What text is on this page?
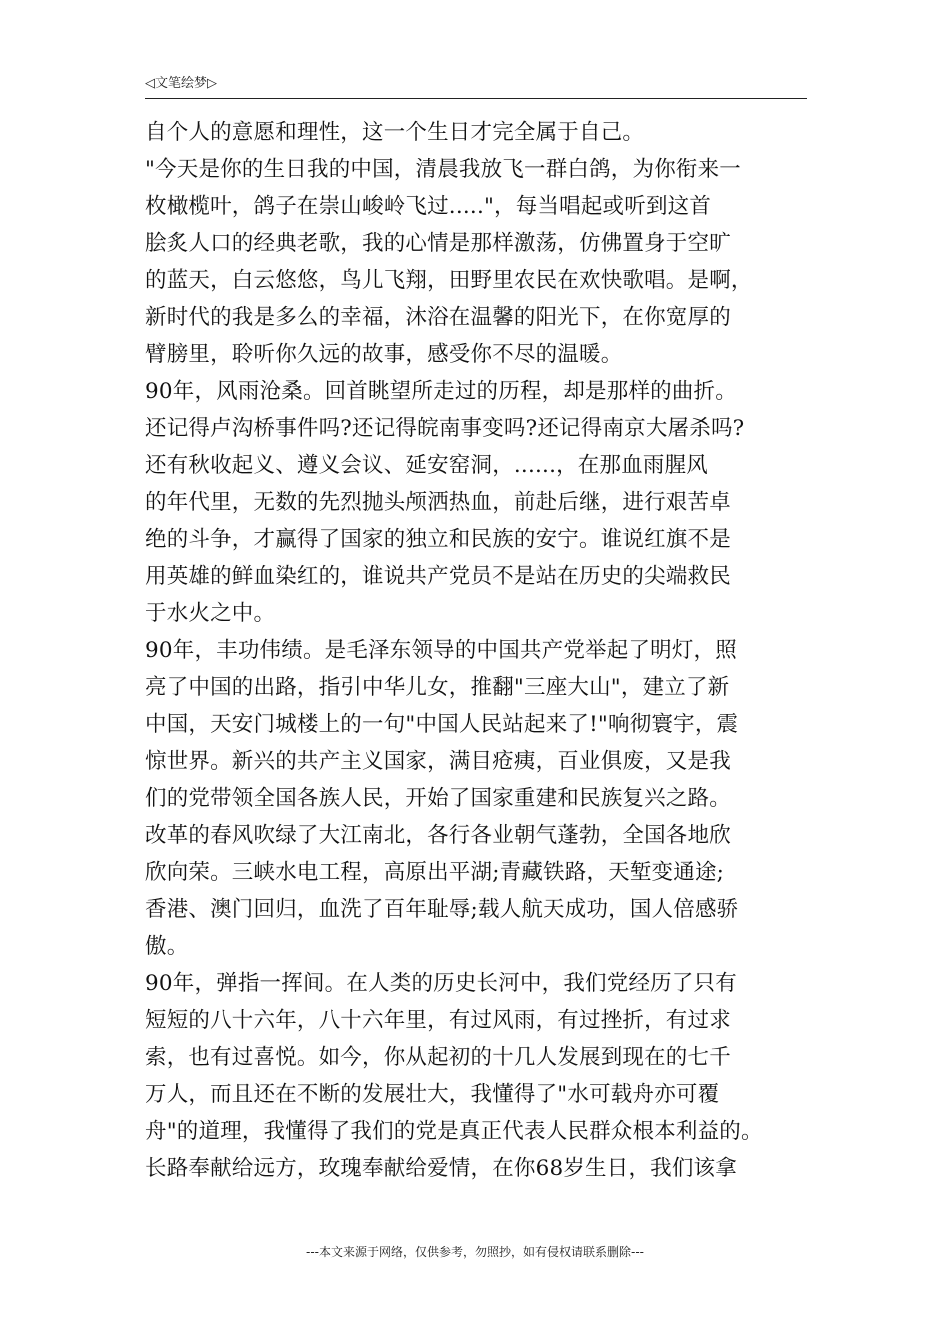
◁文笔绘梦▷
自个人的意愿和理性，这一个生日才完全属于自己。
"今天是你的生日我的中国，清晨我放飞一群白鸽，为你衔来一
枚橄榄叶，鸽子在崇山峻岭飞过....."，每当唱起或听到这首
脍炙人口的经典老歌，我的心情是那样激荡，仿佛置身于空旷
的蓝天，白云悠悠，鸟儿飞翔，田野里农民在欢快歌唱。是啊，
新时代的我是多么的幸福，沐浴在温馨的阳光下，在你宽厚的
臂膀里，聆听你久远的故事，感受你不尽的温暖。
90年，风雨沧桑。回首眺望所走过的历程，却是那样的曲折。
还记得卢沟桥事件吗?还记得皖南事变吗?还记得南京大屠杀吗?
还有秋收起义、遵义会议、延安窑洞，......，在那血雨腥风
的年代里，无数的先烈抛头颅洒热血，前赴后继，进行艰苦卓
绝的斗争，才赢得了国家的独立和民族的安宁。谁说红旗不是
用英雄的鲜血染红的，谁说共产党员不是站在历史的尖端救民
于水火之中。
90年，丰功伟绩。是毛泽东领导的中国共产党举起了明灯，照
亮了中国的出路，指引中华儿女，推翻"三座大山"，建立了新
中国，天安门城楼上的一句"中国人民站起来了!"响彻寰宇，震
惊世界。新兴的共产主义国家，满目疮痍，百业俱废，又是我
们的党带领全国各族人民，开始了国家重建和民族复兴之路。
改革的春风吹绿了大江南北，各行各业朝气蓬勃，全国各地欣
欣向荣。三峡水电工程，高原出平湖;青藏铁路，天堑变通途;
香港、澳门回归，血洗了百年耻辱;载人航天成功，国人倍感骄
傲。
90年，弹指一挥间。在人类的历史长河中，我们党经历了只有
短短的八十六年，八十六年里，有过风雨，有过挫折，有过求
索，也有过喜悦。如今，你从起初的十几人发展到现在的七千
万人，而且还在不断的发展壮大，我懂得了"水可载舟亦可覆
舟"的道理，我懂得了我们的党是真正代表人民群众根本利益的。
长路奉献给远方，玫瑰奉献给爱情，在你68岁生日，我们该拿
---本文来源于网络，仅供参考，勿照抄，如有侵权请联系删除---
